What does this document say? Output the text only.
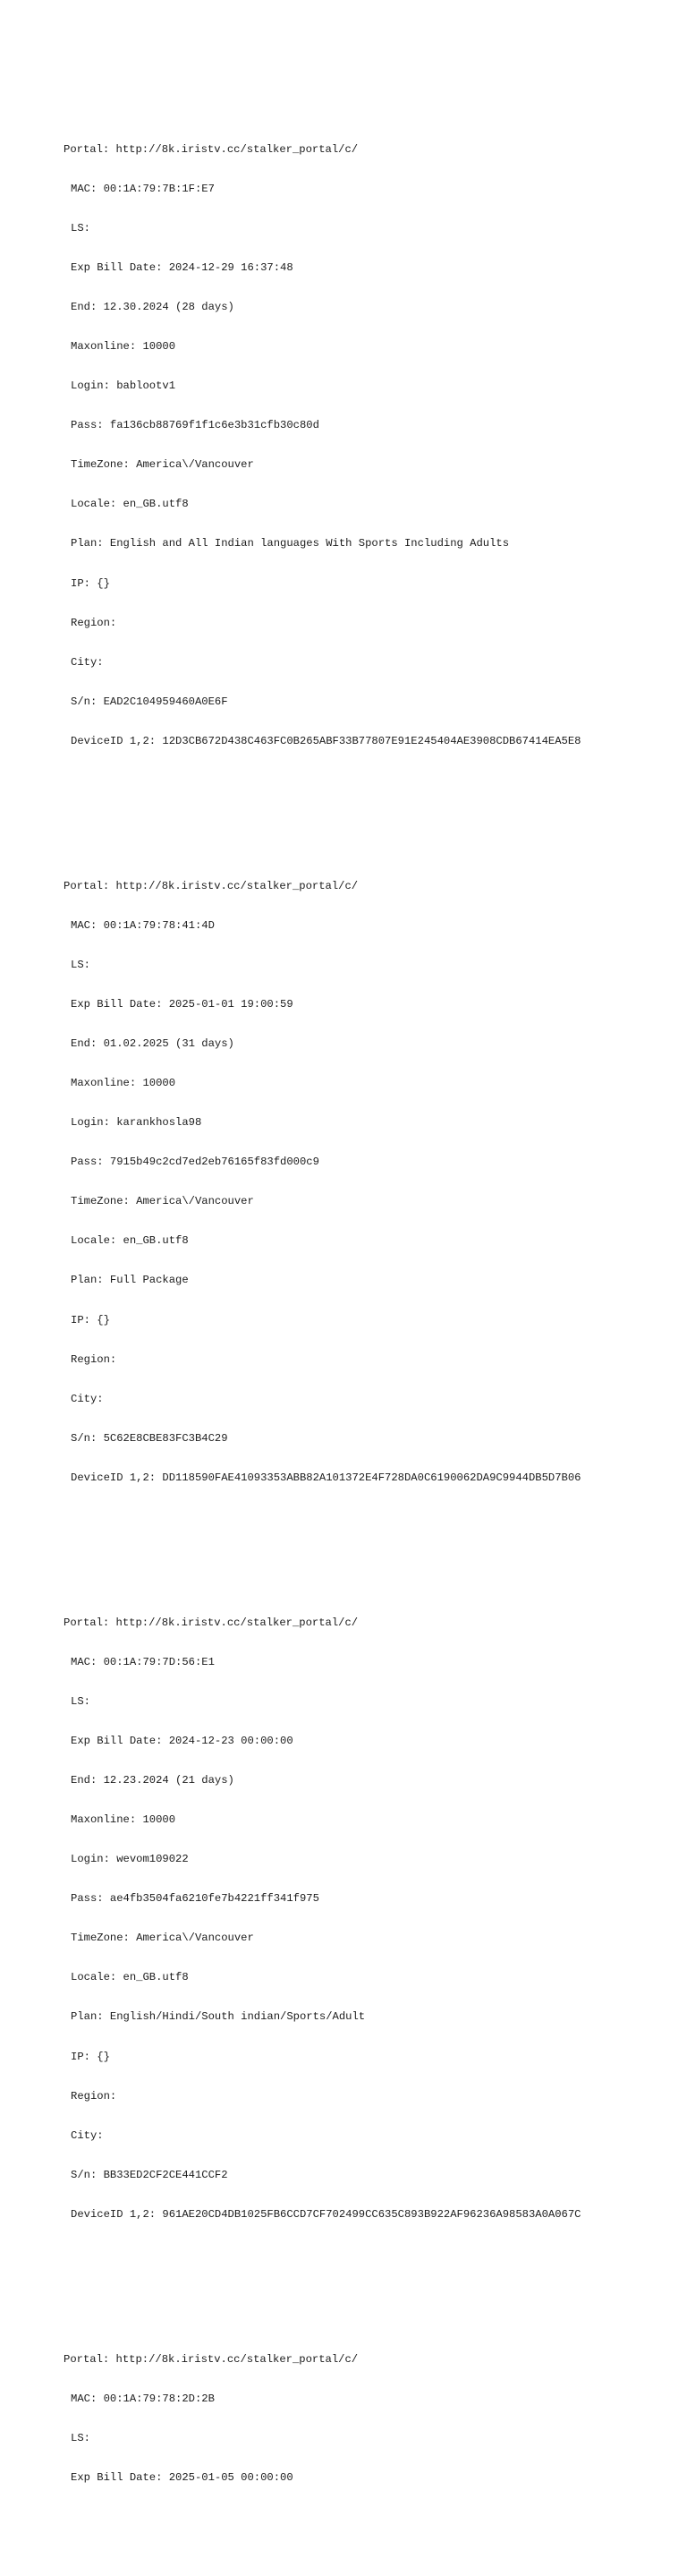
Portal: http://8k.iristv.cc/stalker_portal/c/

MAC: 00:1A:79:7B:1F:E7

LS:

Exp Bill Date: 2024-12-29 16:37:48

End: 12.30.2024 (28 days)

Maxonline: 10000

Login: bablootv1

Pass: fa136cb88769f1f1c6e3b31cfb30c80d

TimeZone: America\/Vancouver

Locale: en_GB.utf8

Plan: English and All Indian languages With Sports Including Adults

IP: {}

Region:

City:

S/n: EAD2C104959460A0E6F

DeviceID 1,2: 12D3CB672D438C463FC0B265ABF33B77807E91E245404AE3908CDB67414EA5E8

Portal: http://8k.iristv.cc/stalker_portal/c/

MAC: 00:1A:79:78:41:4D

LS:

Exp Bill Date: 2025-01-01 19:00:59

End: 01.02.2025 (31 days)

Maxonline: 10000

Login: karankhosla98

Pass: 7915b49c2cd7ed2eb76165f83fd000c9

TimeZone: America\/Vancouver

Locale: en_GB.utf8

Plan: Full Package

IP: {}

Region:

City:

S/n: 5C62E8CBE83FC3B4C29

DeviceID 1,2: DD118590FAE41093353ABB82A101372E4F728DA0C6190062DA9C9944DB5D7B06

Portal: http://8k.iristv.cc/stalker_portal/c/

MAC: 00:1A:79:7D:56:E1

LS:

Exp Bill Date: 2024-12-23 00:00:00

End: 12.23.2024 (21 days)

Maxonline: 10000

Login: wevom109022

Pass: ae4fb3504fa6210fe7b4221ff341f975

TimeZone: America\/Vancouver

Locale: en_GB.utf8

Plan: English/Hindi/South indian/Sports/Adult

IP: {}

Region:

City:

S/n: BB33ED2CF2CE441CCF2

DeviceID 1,2: 961AE20CD4DB1025FB6CCD7CF702499CC635C893B922AF96236A98583A0A067C

Portal: http://8k.iristv.cc/stalker_portal/c/

MAC: 00:1A:79:78:2D:2B

LS:

Exp Bill Date: 2025-01-05 00:00:00
